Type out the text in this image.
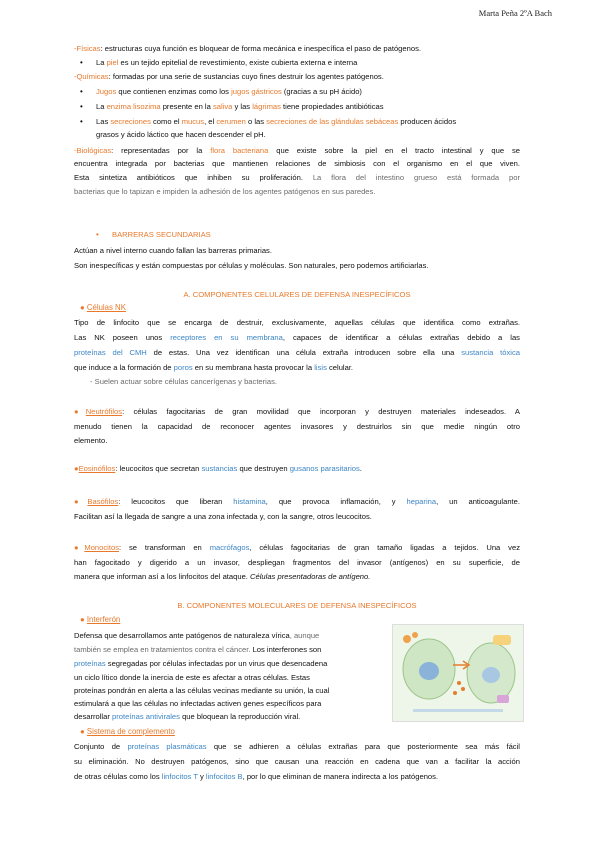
Marta Peña 2ºA Bach
-Físicas: estructuras cuya función es bloquear de forma mecánica e inespecífica el paso de patógenos.
• La piel es un tejido epitelial de revestimiento, existe cubierta externa e interna
-Químicas: formadas por una serie de sustancias cuyo fines destruir los agentes patógenos.
• Jugos que contienen enzimas como los jugos gástricos (gracias a su pH ácido)
• La enzima lisozima presente en la saliva y las lágrimas tiene propiedades antibióticas
• Las secreciones como el mucus, el cerumen o las secreciones de las glándulas sebáceas producen ácidos
grasos y ácido láctico que hacen descender el pH.
-Biológicas: representadas por la flora bacteriana que existe sobre la piel en el tracto intestinal y que se
encuentra integrada por bacterias que mantienen relaciones de simbiosis con el organismo en el que viven.
Esta sintetiza antibióticos que inhiben su proliferación. La flora del intestino grueso está formada por
bacterias que lo tapizan e impiden la adhesión de los agentes patógenos en sus paredes.
• BARRERAS SECUNDARIAS
Actúan a nivel interno cuando fallan las barreras primarias.
Son inespecíficas y están compuestas por células y moléculas. Son naturales, pero podemos artificiarlas.
A. COMPONENTES CELULARES DE DEFENSA INESPECÍFICOS
● Células NK
Tipo de linfocito que se encarga de destruir, exclusivamente, aquellas células que identifica como extrañas.
Las NK poseen unos receptores en su membrana, capaces de identificar a células extrañas debido a las
proteínas del CMH de estas. Una vez identifican una célula extraña introducen sobre ella una sustancia tóxica
que induce a la formación de poros en su membrana hasta provocar la lisis celular.
- Suelen actuar sobre células cancerígenas y bacterias.
●Neutrófilos: células fagocitarias de gran movilidad que incorporan y destruyen materiales indeseados. A
menudo tienen la capacidad de reconocer agentes invasores y destruirlos sin que medie ningún otro
elemento.
●Eosinófilos: leucocitos que secretan sustancias que destruyen gusanos parasitarios.
●Basófilos: leucocitos que liberan histamina, que provoca inflamación, y heparina, un anticoagulante.
Facilitan así la llegada de sangre a una zona infectada y, con la sangre, otros leucocitos.
●Monocitos: se transforman en macrófagos, células fagocitarias de gran tamaño ligadas a tejidos. Una vez
han fagocitado y digerido a un invasor, despliegan fragmentos del invasor (antígenos) en su superficie, de
manera que informan así a los linfocitos del ataque. Células presentadoras de antígeno.
B. COMPONENTES MOLECULARES DE DEFENSA INESPECÍFICOS
● Interferón
Defensa que desarrollamos ante patógenos de naturaleza vírica, aunque
también se emplea en tratamientos contra el cáncer. Los interferones son
proteínas segregadas por células infectadas por un virus que desencadena
un ciclo lítico donde la inercia de este es afectar a otras células. Estas
proteínas pondrán en alerta a las células vecinas mediante su unión, la cual
estimulará a que las células no infectadas activen genes específicos para
desarrollar proteínas antivirales que bloquean la reproducción viral.
● Sistema de complemento
Conjunto de proteínas plasmáticas que se adhieren a células extrañas para que posteriormente sea más fácil
su eliminación. No destruyen patógenos, sino que causan una reacción en cadena que van a facilitar la acción
de otras células como los linfocitos T y linfocitos B, por lo que eliminan de manera indirecta a los patógenos.
